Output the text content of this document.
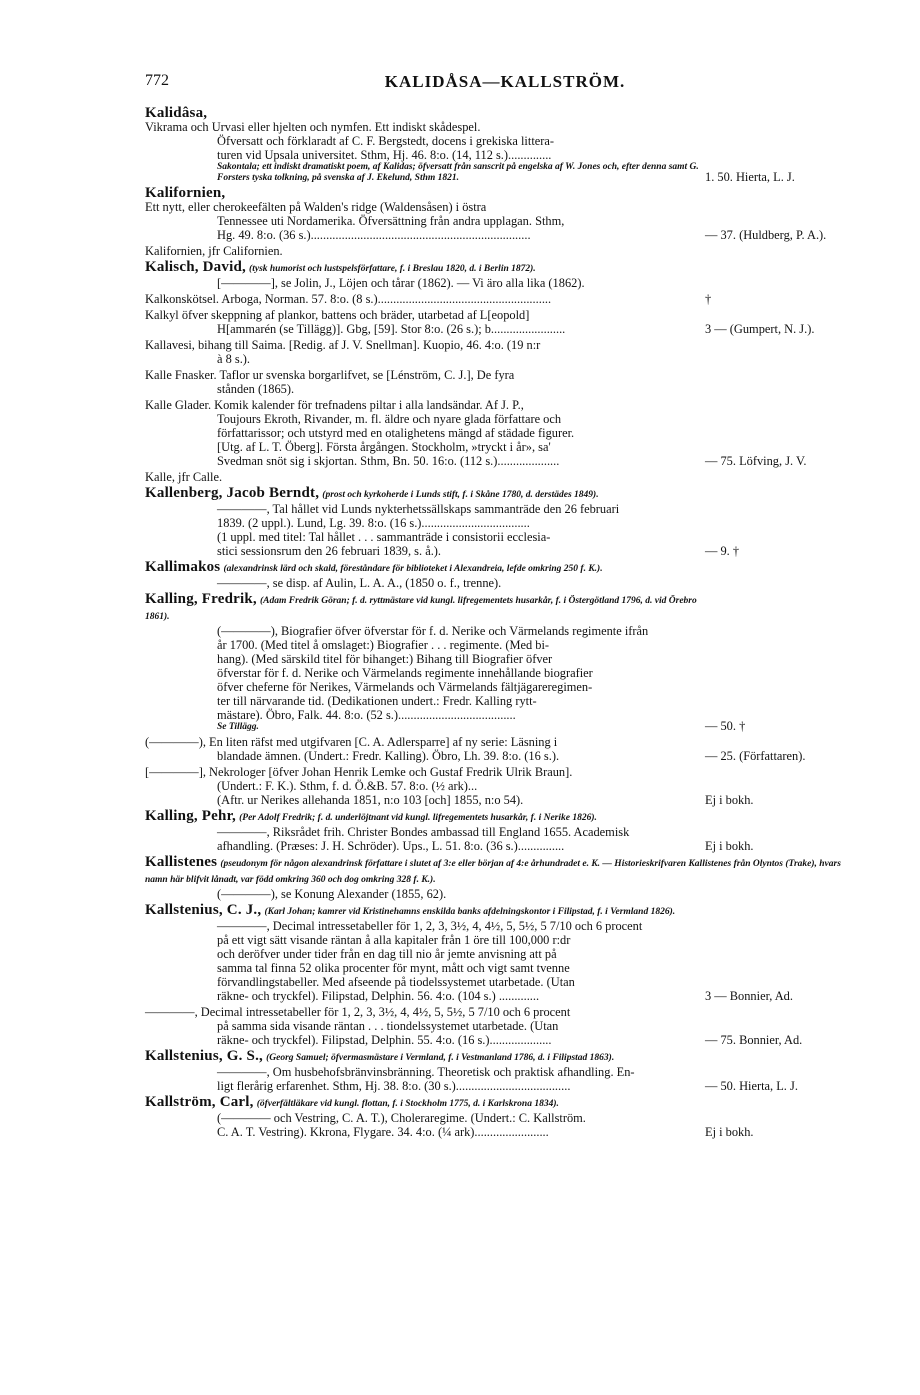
772	KALIDÅSA—KALLSTRÖM.
Kalidâsa,
Vikrama och Urvasi eller hjelten och nymfen. Ett indiskt skådespel.
Öfversatt och förklaradt af C. F. Bergstedt, docens i grekiska littera-
turen vid Upsala universitet. Sthm, Hj. 46. 8:o. (14, 112 s.)..............
Sakontala; ett indiskt dramatiskt poem, af Kalidas; öfversatt från sanscrit på engelska af W. Jones och, efter denna samt G. Forsters tyska tolkning, på svenska af J. Ekelund, Sthm 1821.	1. 50. Hierta, L. J.
Kalifornien,
Ett nytt, eller cherokeefälten på Walden's ridge (Waldensåsen) i östra
Tennessee uti Nordamerika. Öfversättning från andra upplagan. Sthm,
Hg. 49. 8:o. (36 s.).......................................................................	— 37. (Huldberg, P. A.).
Kalifornien, jfr Californien.
Kalisch, David, (tysk humorist och lustspelsförfattare, f. i Breslau 1820, d. i Berlin 1872).
[————], se Jolin, J., Löjen och tårar (1862). — Vi äro alla lika (1862).
Kalkonskötsel. Arboga, Norman. 57. 8:o. (8 s.)........................................................	†
Kalkyl öfver skeppning af plankor, battens och bräder, utarbetad af L[eopold]
H[ammarén (se Tillägg)]. Gbg, [59]. Stor 8:o. (26 s.); b........................	3 — (Gumpert, N. J.).
Kallavesi, bihang till Saima. [Redig. af J. V. Snellman]. Kuopio, 46. 4:o. (19 n:r
à 8 s.).
Kalle Fnasker. Taflor ur svenska borgarlifvet, se [Lénström, C. J.], De fyra
stånden (1865).
Kalle Glader. Komik kalender för trefnadens piltar i alla landsändar. Af J. P.,
Toujours Ekroth, Rivander, m. fl. äldre och nyare glada författare och
författarissor; och utstyrd med en otalighetens mängd af städade figurer.
[Utg. af L. T. Öberg]. Första årgången. Stockholm, »tryckt i år», sa'
Svedman snöt sig i skjortan. Sthm, Bn. 50. 16:o. (112 s.)....................	— 75. Löfving, J. V.
Kalle, jfr Calle.
Kallenberg, Jacob Berndt, (prost och kyrkoherde i Lunds stift, f. i Skåne 1780, d. derstädes 1849).
————, Tal hållet vid Lunds nykterhetssällskaps sammanträde den 26 februari
1839. (2 uppl.). Lund, Lg. 39. 8:o. (16 s.)...................................
(1 uppl. med titel: Tal hållet . . . sammanträde i consistorii ecclesia-
stici sessionsrum den 26 februari 1839, s. å.).	— 9. †
Kallimakos (alexandrinsk lärd och skald, föreståndare för biblioteket i Alexandreia, lefde omkring 250 f. K.).
————, se disp. af Aulin, L. A. A., (1850 o. f., trenne).
Kalling, Fredrik, (Adam Fredrik Göran; f. d. ryttmästare vid kungl. lifregementets husarkår, f. i Östergötland 1796, d. vid Örebro 1861).
(————), Biografier öfver öfverstar för f. d. Nerike och Värmelands regimente ifrån
år 1700. (Med titel å omslaget:) Biografier . . . regimente. (Med bi-
hang). (Med särskild titel för bihanget:) Bihang till Biografier öfver
öfverstar för f. d. Nerike och Värmelands regimente innehållande biografier
öfver cheferne för Nerikes, Värmelands och Värmelands fältjägareregimen-
ter till närvarande tid. (Dedikationen undert.: Fredr. Kalling rytt-
mästare). Öbro, Falk. 44. 8:o. (52 s.)......................................
Se Tillägg.	— 50. †
(————), En liten räfst med utgifvaren [C. A. Adlersparre] af ny serie: Läsning i
blandade ämnen. (Undert.: Fredr. Kalling). Öbro, Lh. 39. 8:o. (16 s.).	— 25. (Författaren).
[————], Nekrologer [öfver Johan Henrik Lemke och Gustaf Fredrik Ulrik Braun].
(Undert.: F. K.). Sthm, f. d. Ö.&B. 57. 8:o. (½ ark)...
(Aftr. ur Nerikes allehanda 1851, n:o 103 [och] 1855, n:o 54).	Ej i bokh.
Kalling, Pehr, (Per Adolf Fredrik; f. d. underlöjtnant vid kungl. lifregementets husarkår, f. i Nerike 1826).
————, Riksrådet frih. Christer Bondes ambassad till England 1655. Academisk
afhandling. (Præses: J. H. Schröder). Ups., L. 51. 8:o. (36 s.)...............	Ej i bokh.
Kallistenes (pseudonym för någon alexandrinsk författare i slutet af 3:e eller början af 4:e århundradet e. K. — Historieskrifvaren Kallistenes från Olyntos (Trake), hvars namn här blifvit lånadt, var född omkring 360 och dog omkring 328 f. K.).
(————), se Konung Alexander (1855, 62).
Kallstenius, C. J., (Karl Johan; kamrer vid Kristinehamns enskilda banks afdelningskontor i Filipstad, f. i Vermland 1826).
————, Decimal intressetabeller för 1, 2, 3, 3½, 4, 4½, 5, 5½, 5 7/10 och 6 procent
på ett vigt sätt visande räntan å alla kapitaler från 1 öre till 100,000 r:dr
och deröfver under tider från en dag till nio år jemte anvisning att på
samma tal finna 52 olika procenter för mynt, mått och vigt samt tvenne
förvandlingstabeller. Med afseende på tiodelssystemet utarbetade. (Utan
räkne- och tryckfel). Filipstad, Delphin. 56. 4:o. (104 s.) .............	3 — Bonnier, Ad.
————, Decimal intressetabeller för 1, 2, 3, 3½, 4, 4½, 5, 5½, 5 7/10 och 6 procent
på samma sida visande räntan . . . tiondelssystemet utarbetade. (Utan
räkne- och tryckfel). Filipstad, Delphin. 55. 4:o. (16 s.)....................	— 75. Bonnier, Ad.
Kallstenius, G. S., (Georg Samuel; öfvermasmästare i Vermland, f. i Vestmanland 1786, d. i Filipstad 1863).
————, Om husbehofsbränvinsbränning. Theoretisk och praktisk afhandling. En-
ligt flerårig erfarenhet. Sthm, Hj. 38. 8:o. (30 s.).....................................	— 50. Hierta, L. J.
Kallström, Carl, (öfverfältläkare vid kungl. flottan, f. i Stockholm 1775, d. i Karlskrona 1834).
(———— och Vestring, C. A. T.), Choleraregime. (Undert.: C. Kallström.
C. A. T. Vestring). Kkrona, Flygare. 34. 4:o. (¼ ark)........................	Ej i bokh.
